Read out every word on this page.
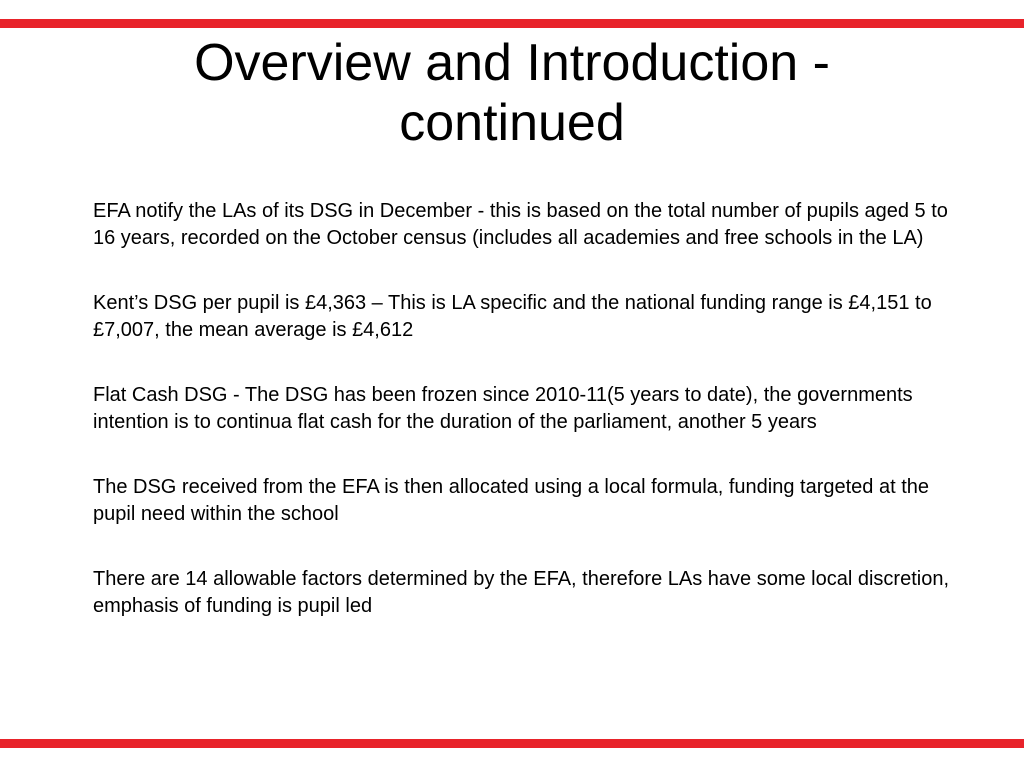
Overview and Introduction -
continued
EFA notify the LAs of its DSG in December - this is based on the total number of pupils aged 5 to 16 years, recorded on the October census (includes all academies and free schools in the LA)
Kent’s DSG per pupil is £4,363 – This is LA specific and the national funding range is £4,151 to £7,007, the mean average is £4,612
Flat Cash DSG - The DSG has been frozen since 2010-11(5 years to date), the governments intention is to continua flat cash for the duration of the parliament, another 5 years
The DSG received from the EFA is then allocated using a local formula, funding targeted at the pupil need within the school
There are 14 allowable factors determined by the EFA, therefore LAs have some local discretion, emphasis of funding is pupil led
